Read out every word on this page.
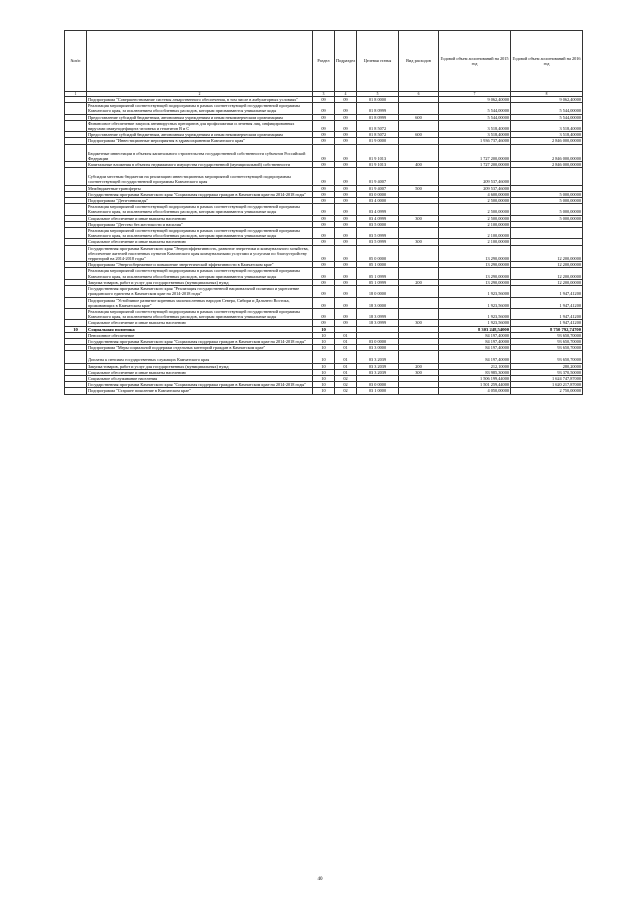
№п/п		Раздел	Подраздел	Целевая статья	Вид расходов	Годовой объем ассигнований на 2015 год	Годовой объем ассигнований на 2016 год
1	2	3	4	5	6	7	8
	Подпрограмма "Совершенствование системы лекарственного обеспечения, в том числе в амбулаторных условиях"	09	09	01 8 0000		9 062,40000	9 062,40000
	Реализация мероприятий соответствующей подпрограммы в рамках соответствующей государственной программы Камчатского края, за исключением обособленных расходов, которым присваиваются уникальные коды	09	09	01 8 0999		5 544,00000	5 544,00000
	Предоставление субсидий бюджетным, автономным учреждениям и иным некоммерческим организациям	09	09	01 8 0999	600	5 544,00000	5 544,00000
	Финансовое обеспечение закупок антивирусных препаратов для профилактики и лечения лиц, инфицированных вирусами иммунодефицита человека и гепатитов В и С	09	09	01 8 5072		3 518,40000	3 518,40000
	Предоставление субсидий бюджетным, автономным учреждениям и иным некоммерческим организациям	09	09	01 8 5072	600	3 518,40000	3 518,40000
	Подпрограмма "Инвестиционные мероприятия в здравоохранении Камчатского края"	09	09	01 9 0000		1 936 737,46000	2 846 000,00000
	Бюджетные инвестиции в объекты капитального строительства государственной собственности субъектов Российской Федерации	09	09	01 9 1013		1 727 200,00000	2 846 000,00000
	Капитальные вложения в объекты недвижимого имущества государственной (муниципальной) собственности	09	09	01 9 1013	400	1 727 200,00000	2 846 000,00000
	Субсидии местным бюджетам на реализацию инвестиционных мероприятий соответствующей подпрограммы соответствующей государственной программы Камчатского края	09	09	01 9 4007		209 537,46000	
	Межбюджетные трансферты	09	09	01 9 4007	500	209 537,46000	
	Государственная программа Камчатского края "Социальная поддержка граждан в Камчатском крае на 2014-2018 годы"	09	09	03 0 0000		4 600,00000	5 000,00000
	Подпрограмма "Дети-инвалиды"	09	09	03 4 0000		2 500,00000	5 000,00000
	Реализация мероприятий соответствующей подпрограммы в рамках соответствующей государственной программы Камчатского края, за исключением обособленных расходов, которым присваиваются уникальные коды	09	09	03 4 0999		2 500,00000	5 000,00000
	Социальное обеспечение и иные выплаты населению	09	09	03 4 0999	300	2 500,00000	5 000,00000
	Подпрограмма "Детство без жестокости и насилия"	09	09	03 5 0000		2 100,00000	
	Реализация мероприятий соответствующей подпрограммы в рамках соответствующей государственной программы Камчатского края, за исключением обособленных расходов, которым присваиваются уникальные коды	09	09	03 5 0999		2 100,00000	
	Социальное обеспечение и иные выплаты населению	09	09	03 5 0999	300	2 100,00000	
	Государственная программа Камчатского края "Энергоэффективность, развитие энергетики и коммунального хозяйства, обеспечение жителей населенных пунктов Камчатского края коммунальными услугами и услугами по благоустройству территорий на 2014-2018 годы"	09	09	05 0 0000		13 290,00000	12 200,00000
	Подпрограмма "Энергосбережение и повышение энергетической эффективности в Камчатском крае"	09	09	05 1 0000		13 290,00000	12 200,00000
	Реализация мероприятий соответствующей подпрограммы в рамках соответствующей государственной программы Камчатского края, за исключением обособленных расходов, которым присваиваются уникальные коды	09	09	05 1 0999		13 290,00000	12 200,00000
	Закупка товаров, работ и услуг для государственных (муниципальных) нужд	09	09	05 1 0999	200	13 290,00000	12 200,00000
	Государственная программа Камчатского края "Реализация государственной национальной политики и укрепление гражданского единства в Камчатском крае на 2014-2018 годы"	09	09	18 0 0000		1 923,56000	1 947,41200
	Подпрограмма "Устойчивое развитие коренных малочисленных народов Севера, Сибири и Дальнего Востока, проживающих в Камчатском крае"	09	09	18 3 0000		1 923,56000	1 947,41200
	Реализация мероприятий соответствующей подпрограммы в рамках соответствующей государственной программы Камчатского края, за исключением обособленных расходов, которым присваиваются уникальные коды	09	09	18 3 0999		1 923,56000	1 947,41200
	Социальное обеспечение и иные выплаты населению	09	09	18 3 0999	300	1 923,56000	1 947,41200
10	Социальная политика	10				8 303 248,54000	8 750 792,74700
	Пенсионное обеспечение	10	01			84 197,40000	93 650,70000
	Государственная программа Камчатского края "Социальная поддержка граждан в Камчатском крае на 2014-2018 годы"	10	01	03 0 0000		84 197,40000	93 650,70000
	Подпрограмма "Меры социальной поддержки отдельных категорий граждан в Камчатском крае"	10	01	03 3 0000		84 197,40000	93 650,70000
	Доплаты к пенсиям государственных служащих Камчатского края	10	01	03 3 2039		84 197,40000	93 650,70000
	Закупка товаров, работ и услуг для государственных (муниципальных) нужд	10	01	03 3 2039	200	212,10000	280,20000
	Социальное обеспечение и иные выплаты населению	10	01	03 3 2039	300	83 985,30000	93 370,50000
	Социальное обслуживание населения	10	02			1 506 199,44000	1 624 747,87000
	Государственная программа Камчатского края "Социальная поддержка граждан в Камчатском крае на 2014-2018 годы"	10	02	03 0 0000		1 501 259,44000	1 620 217,87000
	Подпрограмма "Старшее поколение в Камчатском крае"	10	02	03 1 0000		4 050,00000	2 750,00000
40
